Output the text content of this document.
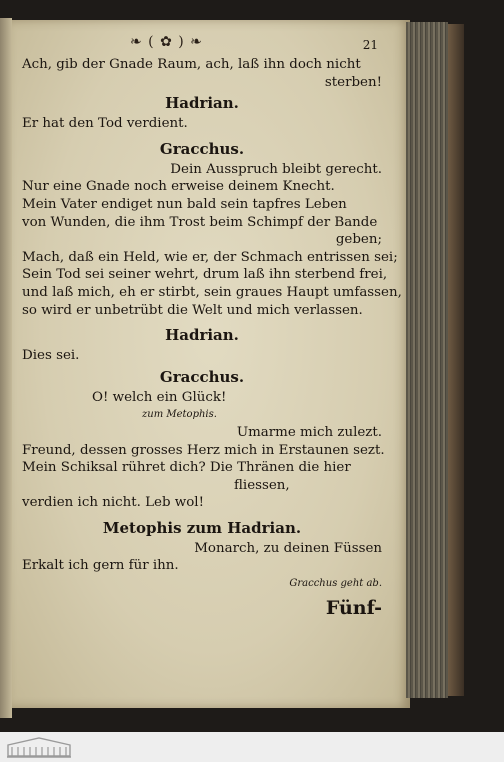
❧ ( ✿ ) ❧	21
Ach, gib der Gnade Raum, ach, laß ihn doch nicht
sterben!
Hadrian.
Er hat den Tod verdient.
Gracchus.
Dein Ausspruch bleibt gerecht.
Nur eine Gnade noch erweise deinem Knecht.
Mein Vater endiget nun bald sein tapfres Leben
von Wunden, die ihm Trost beim Schimpf der Bande
geben;
Mach, daß ein Held, wie er, der Schmach entrissen sei;
Sein Tod sei seiner wehrt, drum laß ihn sterbend frei,
und laß mich, eh er stirbt, sein graues Haupt umfassen,
so wird er unbetrübt die Welt und mich verlassen.
Hadrian.
Dies sei.
Gracchus.
O! welch ein Glück!
zum Metophis.
Umarme mich zulezt.
Freund, dessen grosses Herz mich in Erstaunen sezt.
Mein Schiksal rühret dich? Die Thränen die hier
fliessen,
verdien ich nicht. Leb wol!
Metophis zum Hadrian.
Monarch, zu deinen Füssen
Erkalt ich gern für ihn.
Gracchus geht ab.
Fünf-
